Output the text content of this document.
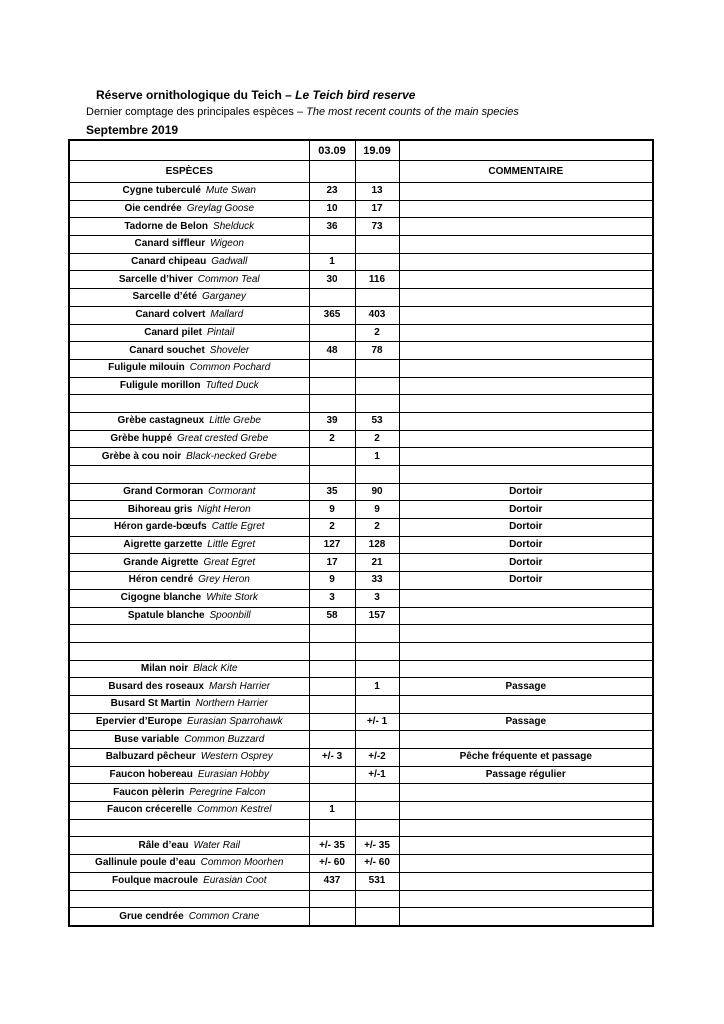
Réserve ornithologique du Teich – Le Teich bird reserve
Dernier comptage des principales espèces – The most recent counts of the main species
Septembre 2019
	03.09	19.09	
ESPÈCES			COMMENTAIRE
Cygne tuberculé Mute Swan	23	13	
Oie cendrée Greylag Goose	10	17	
Tadorne de Belon Shelduck	36	73	
Canard siffleur Wigeon			
Canard chipeau Gadwall	1		
Sarcelle d’hiver Common Teal	30	116	
Sarcelle d’été Garganey			
Canard colvert Mallard	365	403	
Canard pilet Pintail		2	
Canard souchet Shoveler	48	78	
Fuligule milouin Common Pochard			
Fuligule morillon Tufted Duck			

Grèbe castagneux Little Grebe	39	53	
Grèbe huppé Great crested Grebe	2	2	
Grèbe à cou noir Black-necked Grebe		1	

Grand Cormoran Cormorant	35	90	Dortoir
Bihoreau gris Night Heron	9	9	Dortoir
Héron garde-bœufs Cattle Egret	2	2	Dortoir
Aigrette garzette Little Egret	127	128	Dortoir
Grande Aigrette Great Egret	17	21	Dortoir
Héron cendré Grey Heron	9	33	Dortoir
Cigogne blanche White Stork	3	3	
Spatule blanche Spoonbill	58	157	

Milan noir Black Kite			
Busard des roseaux Marsh Harrier		1	Passage
Busard St Martin Northern Harrier			
Epervier d’Europe Eurasian Sparrohawk		+/- 1	Passage
Buse variable Common Buzzard			
Balbuzard pêcheur Western Osprey	+/- 3	+/-2	Pêche fréquente et passage
Faucon hobereau Eurasian Hobby		+/-1	Passage régulier
Faucon pèlerin Peregrine Falcon			
Faucon crécerelle Common Kestrel	1		

Râle d’eau Water Rail	+/- 35	+/- 35	
Gallinule poule d’eau Common Moorhen	+/- 60	+/- 60	
Foulque macroule Eurasian Coot	437	531	

Grue cendrée Common Crane			
